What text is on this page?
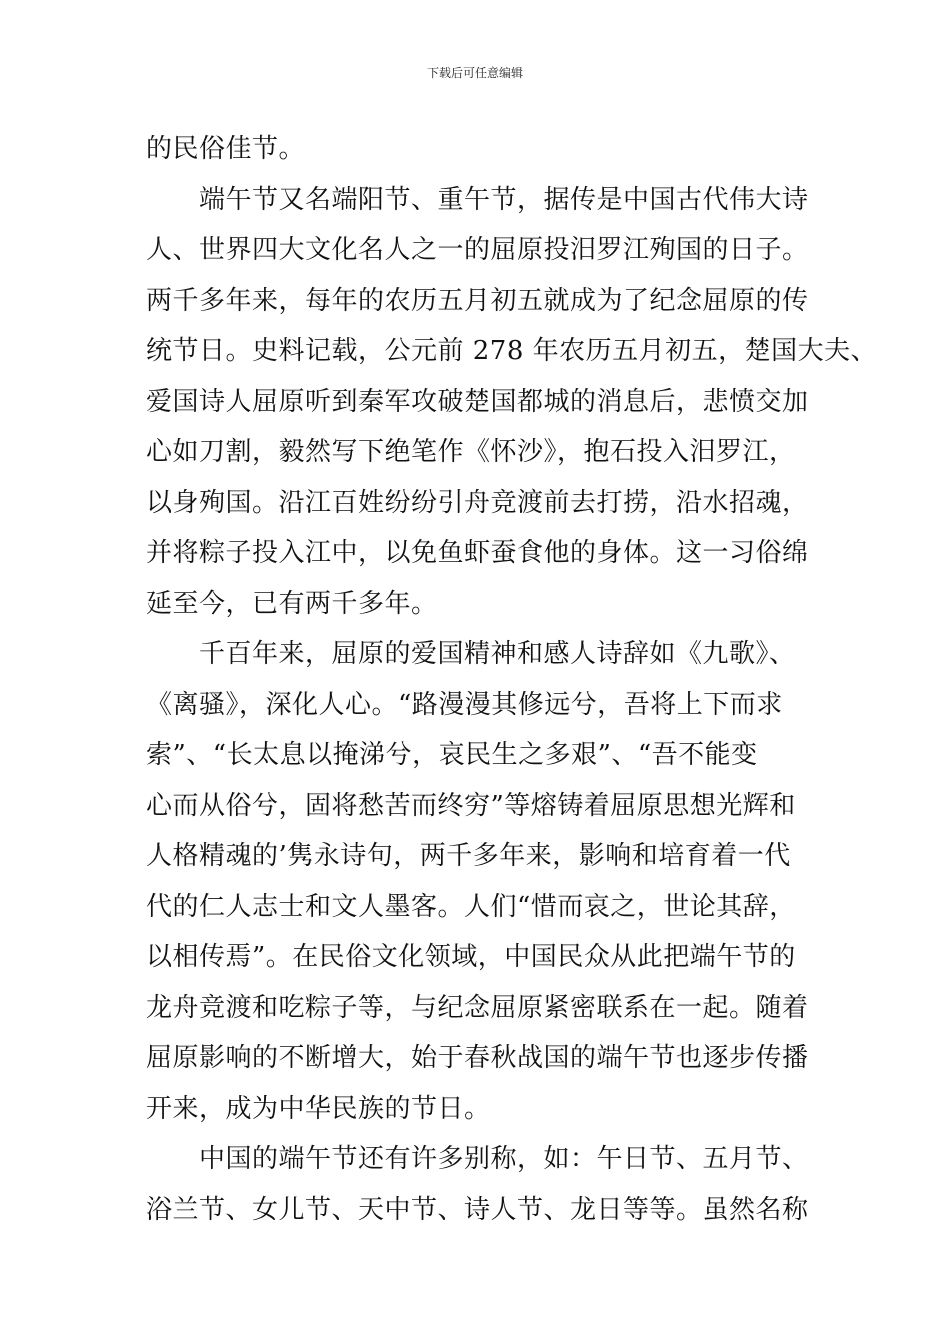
下载后可任意编辑
的民俗佳节。
端午节又名端阳节、重午节，据传是中国古代伟大诗
人、世界四大文化名人之一的屈原投汨罗江殉国的日子。
两千多年来，每年的农历五月初五就成为了纪念屈原的传
统节日。史料记载，公元前 278 年农历五月初五，楚国大夫、
爱国诗人屈原听到秦军攻破楚国都城的消息后，悲愤交加
心如刀割，毅然写下绝笔作《怀沙》，抱石投入汨罗江，
以身殉国。沿江百姓纷纷引舟竞渡前去打捞，沿水招魂，
并将粽子投入江中，以免鱼虾蚕食他的身体。这一习俗绵
延至今，已有两千多年。
千百年来，屈原的爱国精神和感人诗辞如《九歌》、
《离骚》，深化人心。“路漫漫其修远兮，吾将上下而求
索”、“长太息以掩涕兮，哀民生之多艰”、“吾不能变
心而从俗兮，固将愁苦而终穷”等熔铸着屈原思想光辉和
人格精魂的’隽永诗句，两千多年来，影响和培育着一代
代的仁人志士和文人墨客。人们“惜而哀之，世论其辞，
以相传焉”。在民俗文化领域，中国民众从此把端午节的
龙舟竞渡和吃粽子等，与纪念屈原紧密联系在一起。随着
屈原影响的不断增大，始于春秋战国的端午节也逐步传播
开来，成为中华民族的节日。
中国的端午节还有许多别称，如：午日节、五月节、
浴兰节、女儿节、天中节、诗人节、龙日等等。虽然名称
